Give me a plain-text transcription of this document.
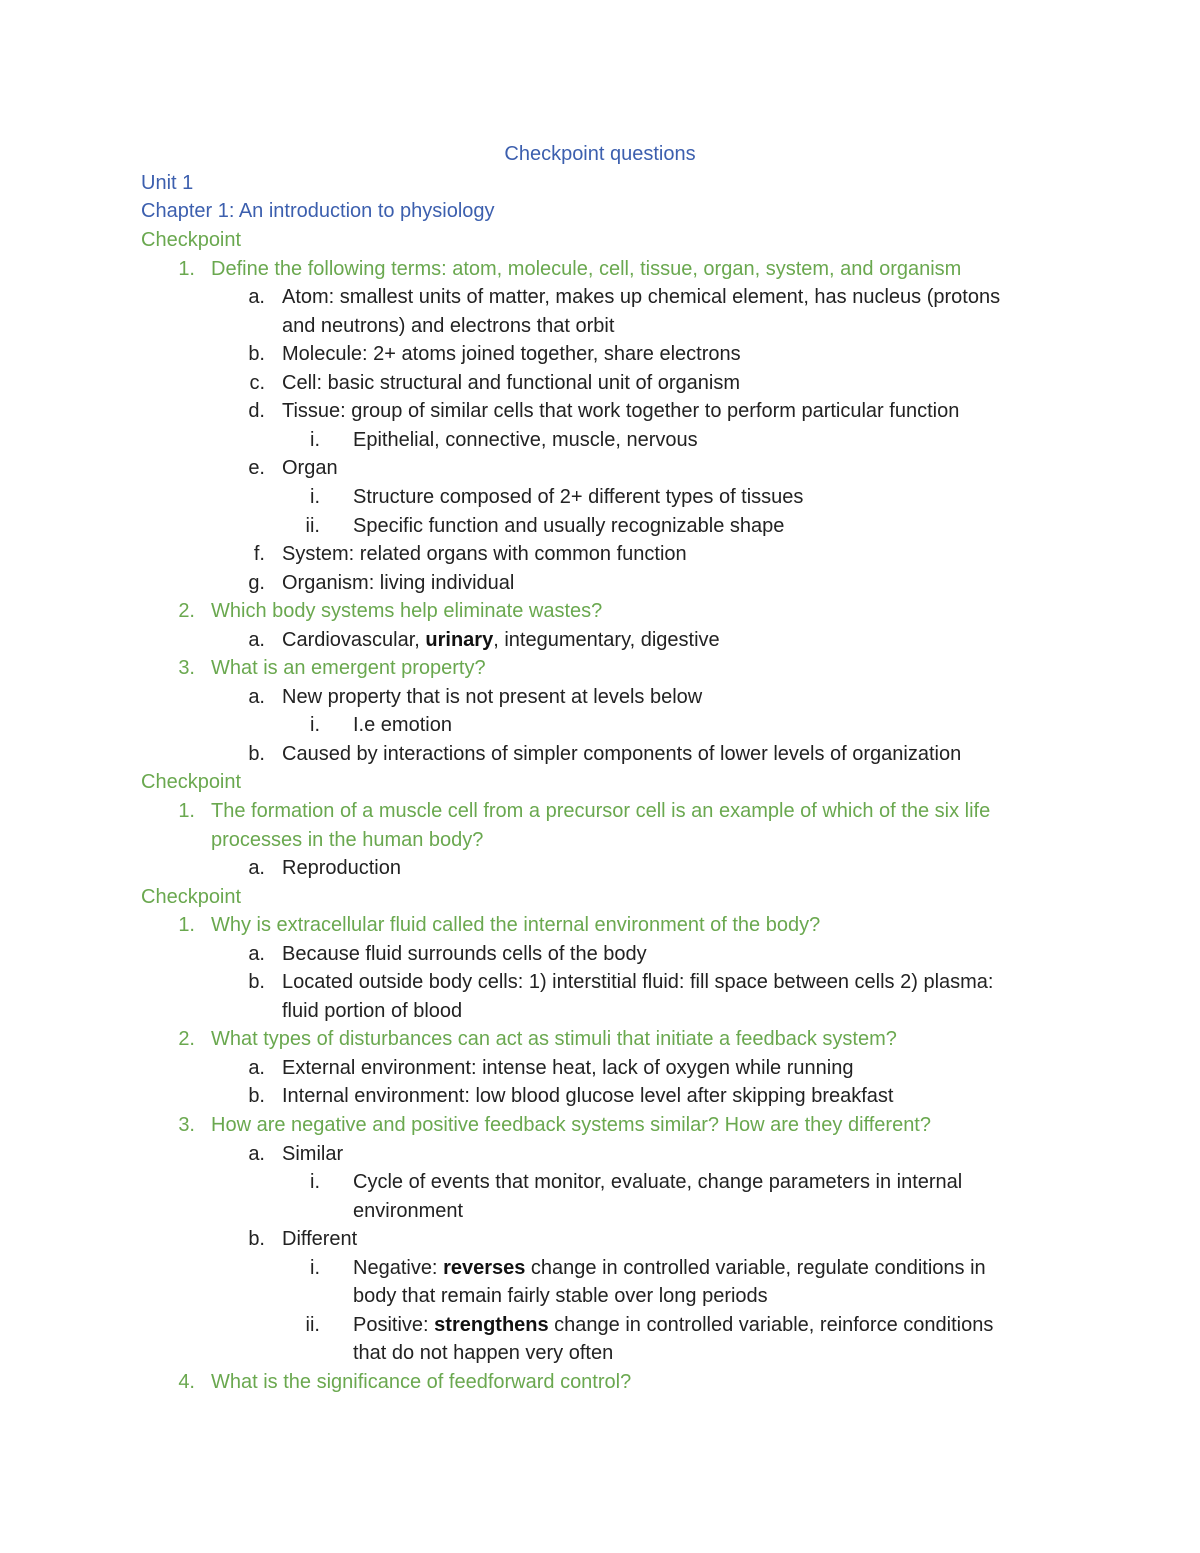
Checkpoint questions
Unit 1
Chapter 1: An introduction to physiology
Checkpoint
1. Define the following terms: atom, molecule, cell, tissue, organ, system, and organism
a. Atom: smallest units of matter, makes up chemical element, has nucleus (protons
and neutrons) and electrons that orbit
b. Molecule: 2+ atoms joined together, share electrons
c. Cell: basic structural and functional unit of organism
d. Tissue: group of similar cells that work together to perform particular function
i. Epithelial, connective, muscle, nervous
e. Organ
i. Structure composed of 2+ different types of tissues
ii. Specific function and usually recognizable shape
f. System: related organs with common function
g. Organism: living individual
2. Which body systems help eliminate wastes?
a. Cardiovascular, urinary, integumentary, digestive
3. What is an emergent property?
a. New property that is not present at levels below
i. I.e emotion
b. Caused by interactions of simpler components of lower levels of organization
Checkpoint
1. The formation of a muscle cell from a precursor cell is an example of which of the six life
processes in the human body?
a. Reproduction
Checkpoint
1. Why is extracellular fluid called the internal environment of the body?
a. Because fluid surrounds cells of the body
b. Located outside body cells: 1) interstitial fluid: fill space between cells 2) plasma:
fluid portion of blood
2. What types of disturbances can act as stimuli that initiate a feedback system?
a. External environment: intense heat, lack of oxygen while running
b. Internal environment: low blood glucose level after skipping breakfast
3. How are negative and positive feedback systems similar? How are they different?
a. Similar
i. Cycle of events that monitor, evaluate, change parameters in internal
environment
b. Different
i. Negative: reverses change in controlled variable, regulate conditions in
body that remain fairly stable over long periods
ii. Positive: strengthens change in controlled variable, reinforce conditions
that do not happen very often
4. What is the significance of feedforward control?
